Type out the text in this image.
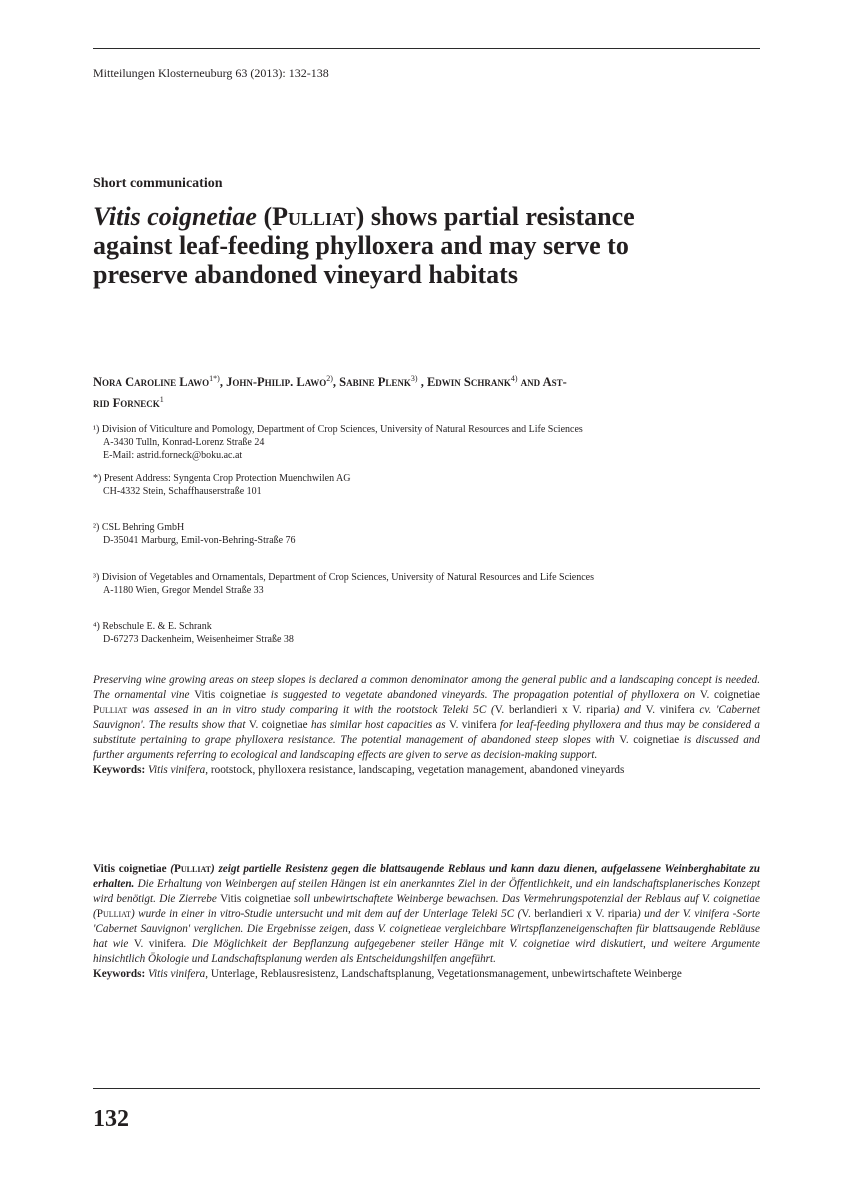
Mitteilungen Klosterneuburg 63 (2013): 132-138
Short communication
Vitis coignetiae (Pulliat) shows partial resistance
against leaf-feeding phylloxera and may serve to
preserve abandoned vineyard habitats
Nora Caroline Lawo$^{1*)}$, John-Philip. Lawo$^{2)}$, Sabine Plenk$^{3)}$ , Edwin Schrank$^{4)}$ and Ast-
rid Forneck$^1$
¹) Division of Viticulture and Pomology, Department of Crop Sciences, University of Natural Resources and Life Sciences
A-3430 Tulln, Konrad-Lorenz Straße 24
E-Mail: astrid.forneck@boku.ac.at
*) Present Address: Syngenta Crop Protection Muenchwilen AG
CH-4332 Stein, Schaffhauserstraße 101
²) CSL Behring GmbH
D-35041 Marburg, Emil-von-Behring-Straße 76
³) Division of Vegetables and Ornamentals, Department of Crop Sciences, University of Natural Resources and Life Sciences
A-1180 Wien, Gregor Mendel Straße 33
⁴) Rebschule E. & E. Schrank
D-67273 Dackenheim, Weisenheimer Straße 38
Preserving wine growing areas on steep slopes is declared a common denominator among the general public and a landscaping concept is needed. The ornamental vine Vitis coignetiae is suggested to vegetate abandoned vineyards. The propagation potential of phylloxera on V. coignetiae Pulliat was assesed in an in vitro study comparing it with the rootstock Teleki 5C (V. berlandieri x V. riparia) and V. vinifera cv. 'Cabernet Sauvignon'. The results show that V. coignetiae has similar host capacities as V. vinifera for leaf-feeding phylloxera and thus may be considered a substitute pertaining to grape phylloxera resistance. The potential management of abandoned steep slopes with V. coignetiae is discussed and further arguments referring to ecological and landscaping effects are given to serve as decision-making support.
Keywords: Vitis vinifera, rootstock, phylloxera resistance, landscaping, vegetation management, abandoned vineyards
Vitis coignetiae (Pulliat) zeigt partielle Resistenz gegen die blattsaugende Reblaus und kann dazu dienen, aufgelassene Weinberghabitate zu erhalten. Die Erhaltung von Weinbergen auf steilen Hängen ist ein anerkanntes Ziel in der Öffentlichkeit, und ein landschaftsplanerisches Konzept wird benötigt. Die Zierrebe Vitis coignetiae soll unbewirtschaftete Weinberge bewachsen. Das Vermehrungspotenzial der Reblaus auf V. coignetiae (Pulliat) wurde in einer in vitro-Studie untersucht und mit dem auf der Unterlage Teleki 5C (V. berlandieri x V. riparia) und der V. vinifera -Sorte 'Cabernet Sauvignon' verglichen. Die Ergebnisse zeigen, dass V. coignetieae vergleichbare Wirtspflanzeneigenschaften für blattsaugende Rebläuse hat wie V. vinifera. Die Möglichkeit der Bepflanzung aufgegebener steiler Hänge mit V. coignetiae wird diskutiert, und weitere Argumente hinsichtlich Ökologie und Landschaftsplanung werden als Entscheidungshilfen angeführt.
Keywords: Vitis vinifera, Unterlage, Reblausresistenz, Landschaftsplanung, Vegetationsmanagement, unbewirtschaftete Weinberge
132
